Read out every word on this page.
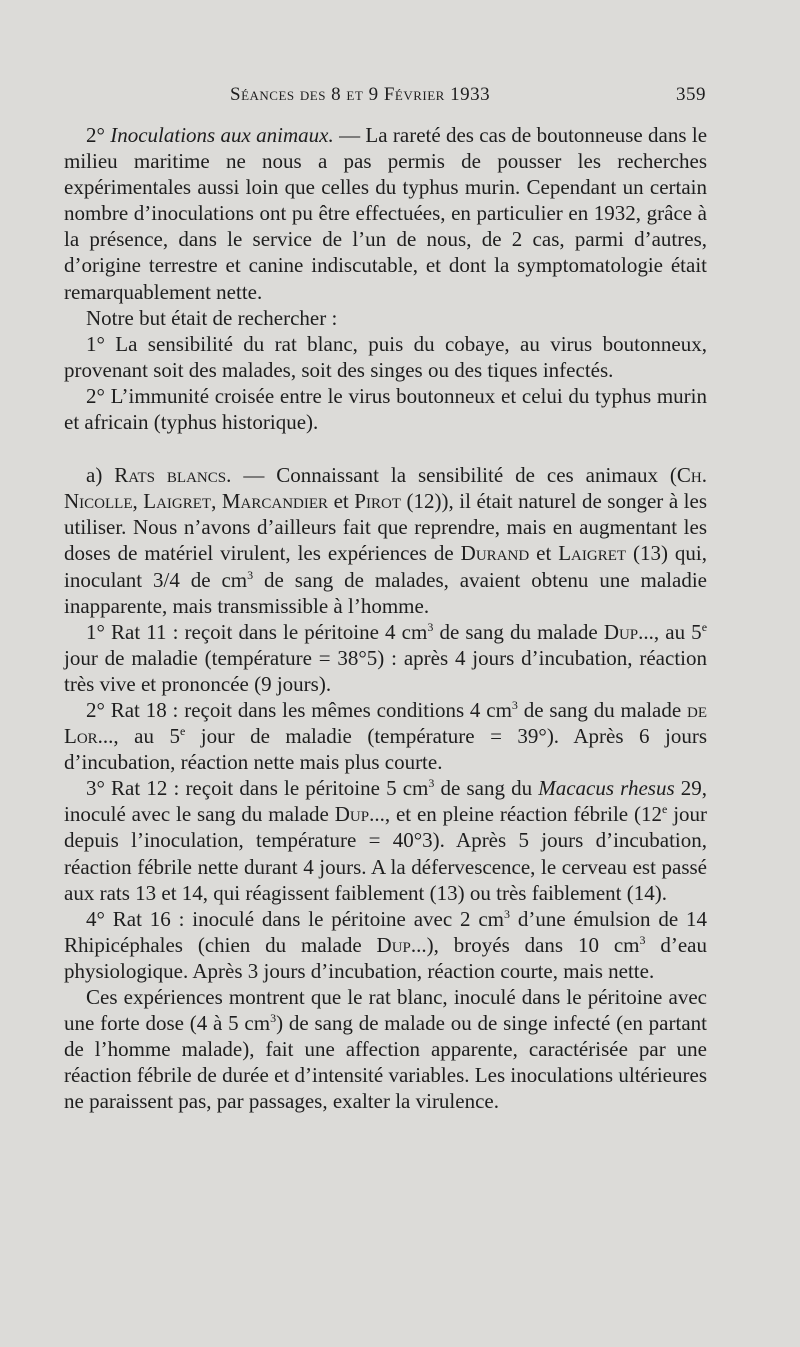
Séances des 8 et 9 Février 1933	359

2° Inoculations aux animaux. — La rareté des cas de boutonneuse dans le milieu maritime ne nous a pas permis de pousser les recherches expérimentales aussi loin que celles du typhus murin. Cependant un certain nombre d’inoculations ont pu être effectuées, en particulier en 1932, grâce à la présence, dans le service de l’un de nous, de 2 cas, parmi d’autres, d’origine terrestre et canine indiscutable, et dont la symptomatologie était remarquablement nette.

Notre but était de rechercher :

1° La sensibilité du rat blanc, puis du cobaye, au virus boutonneux, provenant soit des malades, soit des singes ou des tiques infectés.

2° L’immunité croisée entre le virus boutonneux et celui du typhus murin et africain (typhus historique).

a) Rats blancs. — Connaissant la sensibilité de ces animaux (Ch. Nicolle, Laigret, Marcandier et Pirot (12)), il était naturel de songer à les utiliser. Nous n’avons d’ailleurs fait que reprendre, mais en augmentant les doses de matériel virulent, les expériences de Durand et Laigret (13) qui, inoculant 3/4 de $cm^3$ de sang de malades, avaient obtenu une maladie inapparente, mais transmissible à l’homme.

1° Rat 11 : reçoit dans le péritoine 4 $cm^3$ de sang du malade Dup..., au 5e jour de maladie (température = 38°5) : après 4 jours d’incubation, réaction très vive et prononcée (9 jours).

2° Rat 18 : reçoit dans les mêmes conditions 4 $cm^3$ de sang du malade de Lor..., au 5e jour de maladie (température = 39°). Après 6 jours d’incubation, réaction nette mais plus courte.

3° Rat 12 : reçoit dans le péritoine 5 $cm^3$ de sang du Macacus rhesus 29, inoculé avec le sang du malade Dup..., et en pleine réaction fébrile (12e jour depuis l’inoculation, température = 40°3). Après 5 jours d’incubation, réaction fébrile nette durant 4 jours. A la défervescence, le cerveau est passé aux rats 13 et 14, qui réagissent faiblement (13) ou très faiblement (14).

4° Rat 16 : inoculé dans le péritoine avec 2 $cm^3$ d’une émulsion de 14 Rhipicéphales (chien du malade Dup...), broyés dans 10 $cm^3$ d’eau physiologique. Après 3 jours d’incubation, réaction courte, mais nette.

Ces expériences montrent que le rat blanc, inoculé dans le péritoine avec une forte dose (4 à 5 $cm^3$) de sang de malade ou de singe infecté (en partant de l’homme malade), fait une affection apparente, caractérisée par une réaction fébrile de durée et d’intensité variables. Les inoculations ultérieures ne paraissent pas, par passages, exalter la virulence.
